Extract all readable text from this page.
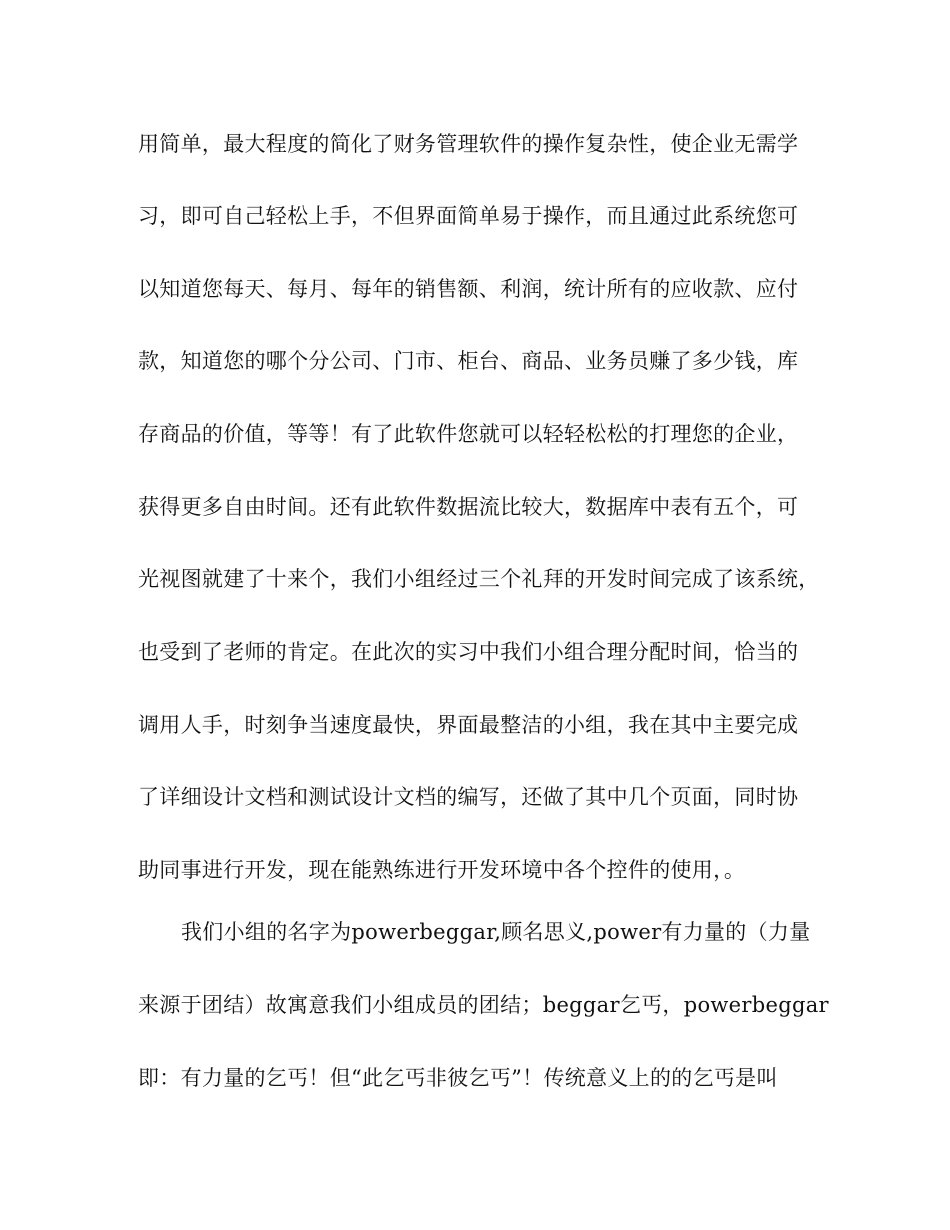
用简单，最大程度的简化了财务管理软件的操作复杂性，使企业无需学
习，即可自己轻松上手，不但界面简单易于操作，而且通过此系统您可
以知道您每天、每月、每年的销售额、利润，统计所有的应收款、应付
款，知道您的哪个分公司、门市、柜台、商品、业务员赚了多少钱，库
存商品的价值，等等！有了此软件您就可以轻轻松松的打理您的企业，
获得更多自由时间。还有此软件数据流比较大，数据库中表有五个，可
光视图就建了十来个，我们小组经过三个礼拜的开发时间完成了该系统，
也受到了老师的肯定。在此次的实习中我们小组合理分配时间，恰当的
调用人手，时刻争当速度最快，界面最整洁的小组，我在其中主要完成
了详细设计文档和测试设计文档的编写，还做了其中几个页面，同时协
助同事进行开发，现在能熟练进行开发环境中各个控件的使用，。
我们小组的名字为powerbeggar,顾名思义,power有力量的（力量
来源于团结）故寓意我们小组成员的团结；beggar乞丐，powerbeggar
即：有力量的乞丐！但“此乞丐非彼乞丐”！传统意义上的的乞丐是叫
